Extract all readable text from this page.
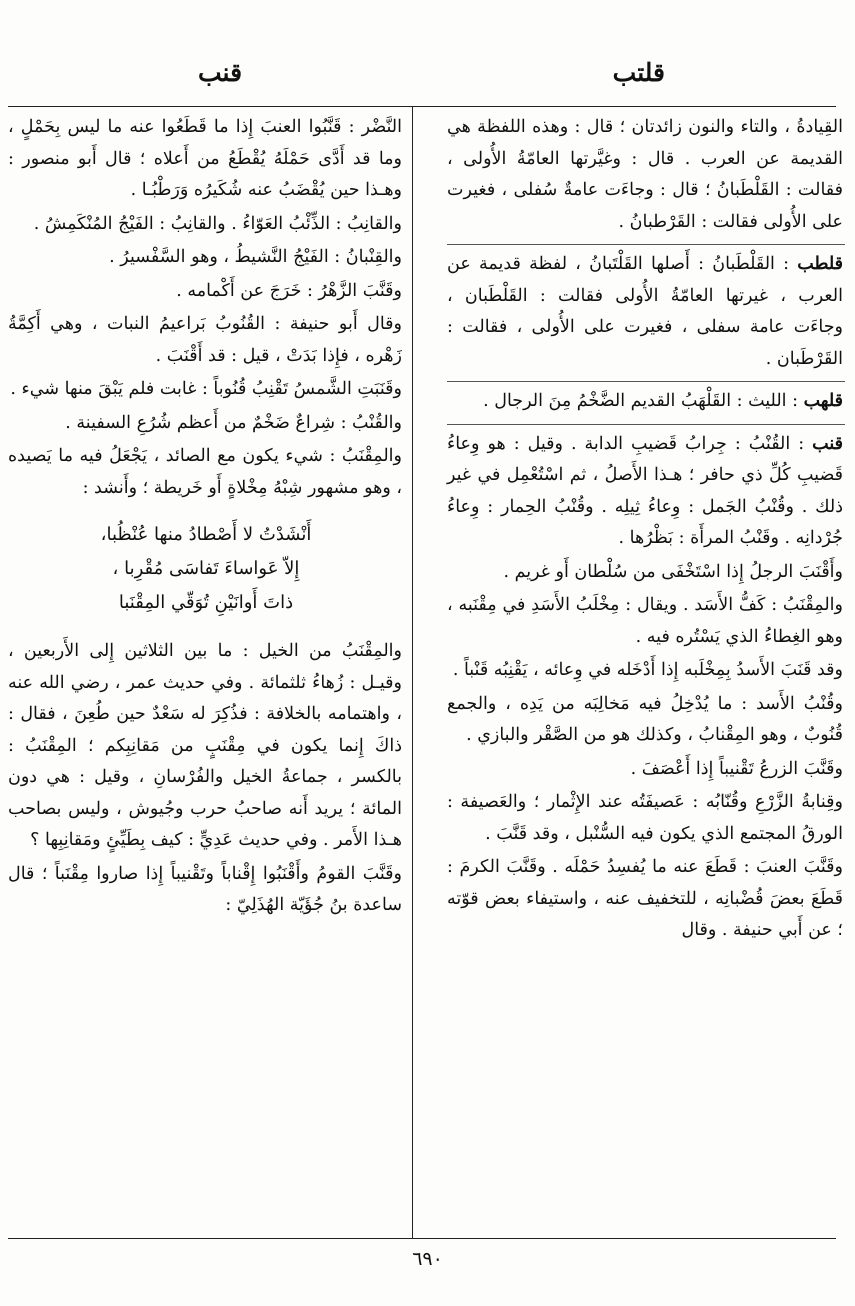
قلتب
قنب

القِيادةُ ، والتاء والنون زائدتان ؛ قال : وهذه اللفظة هي القديمة عن العرب . قال : وغيَّرتها العامّةُ الأُولى ، فقالت : القَلْطَبانُ ؛ قال : وجاءَت عامةٌ سُفلى ، فغيرت على الأُولى فقالت : القَرْطبانُ .

قلطب : القَلْطَبانُ : أَصلها القَلْتَبانُ ، لفظة قديمة عن العرب ، غيرتها العامّةُ الأُولى فقالت : القَلْطَبان ، وجاءَت عامة سفلى ، فغيرت على الأُولى ، فقالت : القَرْطَبان .

قلهب : الليث : القَلْهَبُ القديم الضَّخْمُ مِنَ الرجال .

قنب : القُنْبُ : جِرابُ قَضيبِ الدابة . وقيل : هو وِعاءُ قَضيبِ كُلِّ ذي حافر ؛ هـذا الأَصلُ ، ثم اسْتُعْمِل في غير ذلك . وقُنْبُ الجَمل : وِعاءُ ثِيلِه . وقُنْبُ الحِمار : وِعاءُ جُرْدانِه . وقَنْبُ المرأَة : بَظْرُها .

وأَقْنَبَ الرجلُ إِذا اسْتَخْفَى من سُلْطان أَو غريم .

والمِقْنَبُ : كَفُّ الأَسَد . ويقال : مِخْلَبُ الأَسَدِ في مِقْنَبه ، وهو الغِطاءُ الذي يَسْتُره فيه .

وقد قَنَبَ الأَسدُ بِمِخْلَبه إِذا أَدْخَله في وِعائه ، يَقْنِبُه قَنْباً .

وقُنْبُ الأَسد : ما يُدْخِلُ فيه مَخالِبَه من يَدِه ، والجمع قُنُوبٌ ، وهو المِقْنابُ ، وكذلك هو من الصَّقْر والبازي .

وقَنَّبَ الزرعُ تَقْنيباً إِذا أَعْصَفَ .

وقِنابةُ الزَّرْعِ وقُنّابُه : عَصيفَتُه عند الإِثْمار ؛ والعَصيفة : الورقُ المجتمع الذي يكون فيه السُّنْبل ، وقد قَنَّبَ .

وقَنَّبَ العنبَ : قَطَعَ عنه ما يُفسِدُ حَمْلَه . وقَنَّبَ الكرمَ : قَطَعَ بعضَ قُضْبانِه ، للتخفيف عنه ، واستيفاء بعض قوّته ؛ عن أَبي حنيفة . وقال

النَّضْر : قَنَّبُوا العنبَ إِذا ما قَطَعُوا عنه ما ليس بِحَمْلٍ ، وما قد أَدَّى حَمْلَهُ يُقْطَعُ من أَعلاه ؛ قال أَبو منصور : وهـذا حين يُقْضَبُ عنه شُكَيرُه وَرَطْبُـا .

والقانِبُ : الذِّئْبُ العَوّاءُ . والقانِبُ : الفَيْجُ المُنْكَمِشُ .

والقِنْبانُ : الفَيْجُ النَّشيطُ ، وهو السَّفْسيرُ .

وقَنَّبَ الزَّهْرُ : خَرَجَ عن أَكْمامه .

وقال أَبو حنيفة : القُنُوبُ بَراعيمُ النبات ، وهي أَكِمَّةُ زَهْره ، فإِذا بَدَتْ ، قيل : قد أَقْنَبَ .

وقَنَبَتِ الشَّمسُ تَقْنِبُ قُنُوباً : غابت فلم يَبْقَ منها شيء .

والقُنْبُ : شِراعٌ ضَخْمٌ من أَعظم شُرُعِ السفينة .

والمِقْنَبُ : شيء يكون مع الصائد ، يَجْعَلُ فيه ما يَصيده ، وهو مشهور شِبْهُ مِخْلاةٍ أَو خَريطة ؛ وأَنشد :

أَنْشَدْتُ لا أَصْطادُ منها عُنْظُبا،
إِلاّ عَواساءَ تَفاسَى مُقْرِبا ،
ذاتَ أَوانَيْنِ تُوَقّي المِقْنَبا

والمِقْنَبُ من الخيل : ما بين الثلاثين إِلى الأَربعين ، وقيـل : زُهاءُ ثلثمائة . وفي حديث عمر ، رضي الله عنه ، واهتمامه بالخلافة : فذُكِرَ له سَعْدٌ حين طُعِنَ ، فقال : ذاكَ إِنما يكون في مِقْنَبٍ من مَقانِبِكم ؛ المِقْنَبُ : بالكسر ، جماعةُ الخيل والفُرْسانِ ، وقيل : هي دون المائة ؛ يريد أَنه صاحبُ حرب وجُيوش ، وليس بصاحب هـذا الأَمر . وفي حديث عَدِيٍّ : كيف بِطَيِّئٍ ومَقانِبِها ؟

وقَنَّبَ القومُ وأَقْنَبُوا إِقْناباً وتَقْنيباً إِذا صاروا مِقْنَباً ؛ قال ساعدة بنُ جُؤَيّة الهُذَلِيّ :

٦٩٠
